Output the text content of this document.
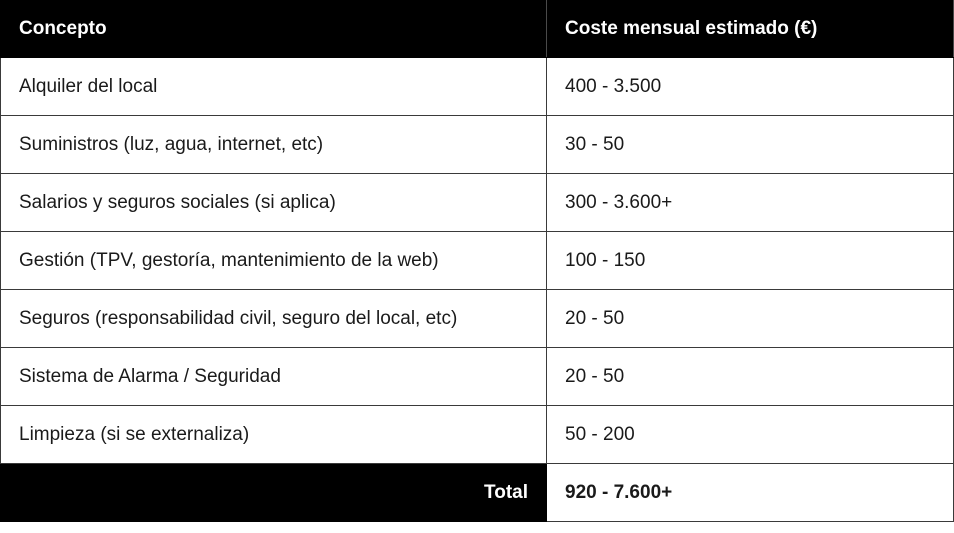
Concepto	Coste mensual estimado (€)
Alquiler del local	400 - 3.500
Suministros (luz, agua, internet, etc)	30 - 50
Salarios y seguros sociales (si aplica)	300 - 3.600+
Gestión (TPV, gestoría, mantenimiento de la web)	100 - 150
Seguros (responsabilidad civil, seguro del local, etc)	20 - 50
Sistema de Alarma / Seguridad	20 - 50
Limpieza (si se externaliza)	50 - 200
Total	920 - 7.600+
